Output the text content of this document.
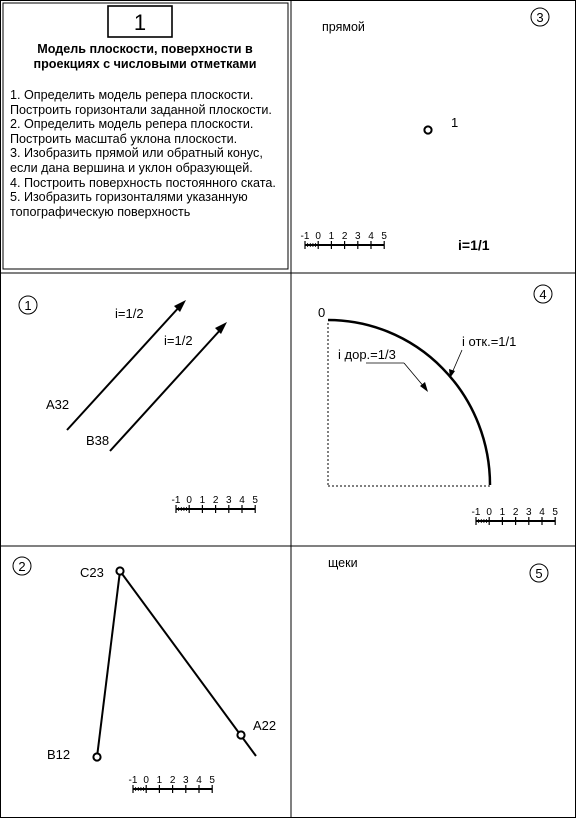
1	3
прямой
1
i=1/1
1
i=1/2
i=1/2
A32
B38
4
0
i дор.=1/3
i отк.=1/1
2	C23
A22
B12
5
щеки
-1 0 1 2 3 4 5
-1 0 1 2 3 4 5
-1 0 1 2 3 4 5
-1 0 1 2 3 4 5
Модель плоскости, поверхности в проекциях с числовыми отметками
1. Определить модель репера плоскости. Построить горизонтали заданной плоскости.
2. Определить модель репера плоскости. Построить масштаб уклона плоскости.
3. Изобразить прямой или обратный конус, если дана вершина и уклон образующей.
4. Построить поверхность постоянного ската.
5. Изобразить горизонталями указанную топографическую поверхность
